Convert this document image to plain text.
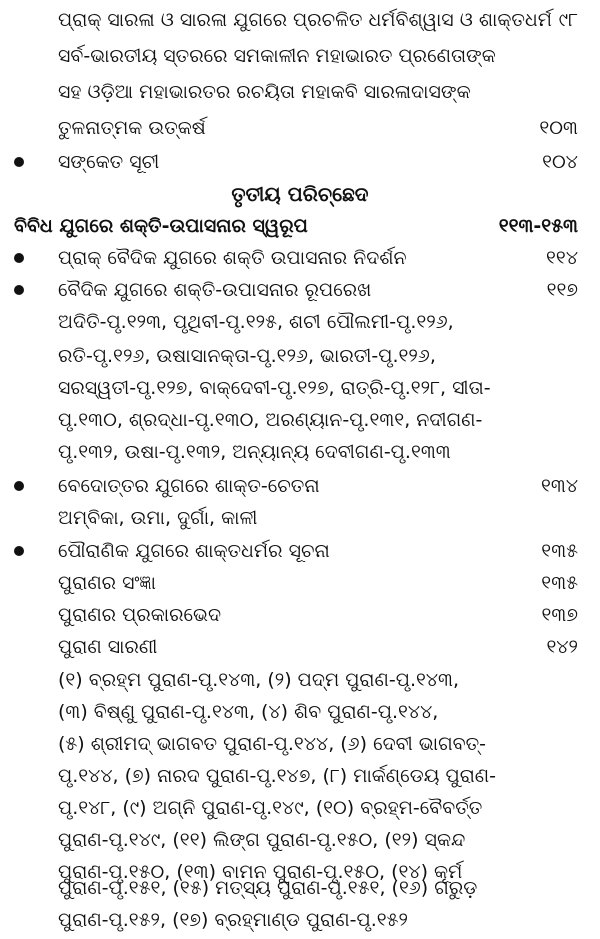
ପ୍ରାକ୍ ସାରଳା ଓ ସାରଳା ଯୁଗରେ ପ୍ରଚଳିତ ଧର୍ମବିଶ୍ୱାସ ଓ ଶାକ୍ତଧର୍ମ ୯୮
ସର୍ବ-ଭାରତୀୟ ସ୍ତରରେ ସମକାଳୀନ ମହାଭାରତ ପ୍ରଣେତାଙ୍କ
ସହ ଓଡ଼ିଆ ମହାଭାରତର ରଚୟିତା ମହାକବି ସାରଳାଦାସଙ୍କ
ତୁଳନାତ୍ମକ ଉତ୍କର୍ଷ	୧୦୩
ସଙ୍କେତ ସୂଚୀ	୧୦୪
ତୃତୀୟ ପରିଚ୍ଛେଦ
ବିବିଧ ଯୁଗରେ ଶକ୍ତି-ଉପାସନାର ସ୍ୱରୂପ	୧୧୩-୧୫୩
ପ୍ରାକ୍ ବୈଦିକ ଯୁଗରେ ଶକ୍ତି ଉପାସନାର ନିଦର୍ଶନ	୧୧୪
ବୈଦିକ ଯୁଗରେ ଶକ୍ତି-ଉପାସନାର ରୂପରେଖ	୧୧୭
ଅଦିତି-ପୃ.୧୨୩, ପୃଥିବୀ-ପୃ.୧୨୫, ଶଚୀ ପୌଲମୀ-ପୃ.୧୨୬,
ରତି-ପୃ.୧୨୬, ଉଷାସାନକ୍ତା-ପୃ.୧୨୬, ଭାରତୀ-ପୃ.୧୨୬,
ସରସ୍ୱତୀ-ପୃ.୧୨୭, ବାକ୍‌ଦେବୀ-ପୃ.୧୨୭, ରାତ୍ରି-ପୃ.୧୨୮, ସୀତା-
ପୃ.୧୩୦, ଶ୍ରଦ୍ଧା-ପୃ.୧୩୦, ଅରଣ୍ୟାନ-ପୃ.୧୩୧, ନଦୀଗଣ-
ପୃ.୧୩୨, ଉଷା-ପୃ.୧୩୨, ଅନ୍ୟାନ୍ୟ ଦେବୀଗଣ-ପୃ.୧୩୩
ବେଦୋତ୍ତର ଯୁଗରେ ଶାକ୍ତ-ଚେତନା	୧୩୪
ଅମ୍ବିକା, ଉମା, ଦୁର୍ଗା, କାଳୀ
ପୌରାଣିକ ଯୁଗରେ ଶାକ୍ତଧର୍ମର ସୂଚନା	୧୩୫
ପୁରାଣର ସଂଜ୍ଞା	୧୩୫
ପୁରାଣର ପ୍ରକାରଭେଦ	୧୩୭
ପୁରାଣ ସାରଣୀ	୧୪୨
(୧) ବ୍ରହ୍ମ ପୁରାଣ-ପୃ.୧୪୩, (୨) ପଦ୍ମ ପୁରାଣ-ପୃ.୧୪୩,
(୩) ବିଷ୍ଣୁ ପୁରାଣ-ପୃ.୧୪୩, (୪) ଶିବ ପୁରାଣ-ପୃ.୧୪୪,
(୫) ଶ୍ରୀମଦ୍ ଭାଗବତ ପୁରାଣ-ପୃ.୧୪୪, (୬) ଦେବୀ ଭାଗବତ୍-
ପୃ.୧୪୪, (୭) ନାରଦ ପୁରାଣ-ପୃ.୧୪୭, (୮) ମାର୍କଣ୍ଡେୟ ପୁରାଣ-
ପୃ.୧୪୮, (୯) ଅଗ୍ନି ପୁରାଣ-ପୃ.୧୪୯, (୧୦) ବ୍ରହ୍ମ-ବୈବର୍ତ୍ତ
ପୁରାଣ-ପୃ.୧୪୯, (୧୧) ଲିଙ୍ଗ ପୁରାଣ-ପୃ.୧୫୦, (୧୨) ସ୍କନ୍ଦ
ପୁରାଣ-ପୃ.୧୫୦, (୧୩) ବାମନ ପୁରାଣ-ପୃ.୧୫୦, (୧୪) କୂର୍ମ
ପୁରାଣ-ପୃ.୧୫୧, (୧୫) ମତ୍ସ୍ୟ ପୁରାଣ-ପୃ.୧୫୧, (୧୬) ଗରୁଡ଼
ପୁରାଣ-ପୃ.୧୫୨, (୧୭) ବ୍ରହ୍ମାଣ୍ଡ ପୁରାଣ-ପୃ.୧୫୨
